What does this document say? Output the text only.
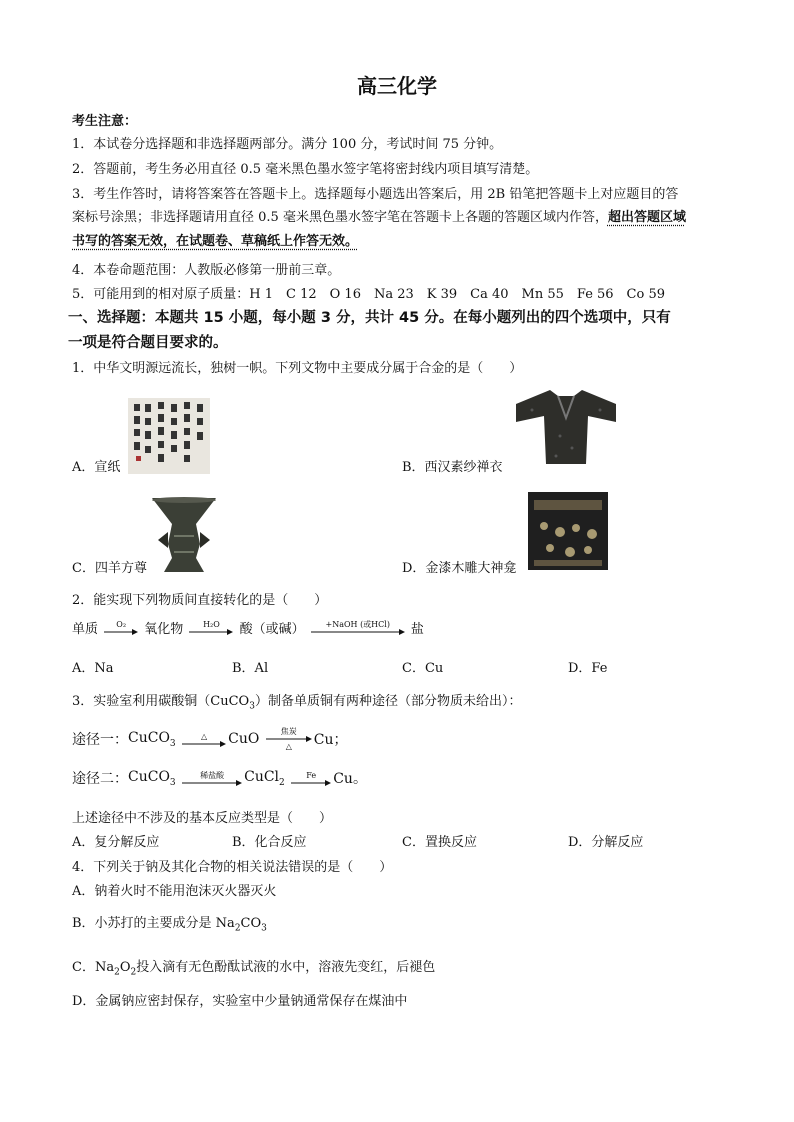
高三化学
考生注意：
1．本试卷分选择题和非选择题两部分。满分 100 分，考试时间 75 分钟。
2．答题前，考生务必用直径 0.5 毫米黑色墨水签字笔将密封线内项目填写清楚。
3．考生作答时，请将答案答在答题卡上。选择题每小题选出答案后，用 2B 铅笔把答题卡上对应题目的答
案标号涂黑；非选择题请用直径 0.5 毫米黑色墨水签字笔在答题卡上各题的答题区域内作答，超出答题区域
书写的答案无效，在试题卷、草稿纸上作答无效。
4．本卷命题范围：人教版必修第一册前三章。
5．可能用到的相对原子质量：H 1　C 12　O 16　Na 23　K 39　Ca 40　Mn 55　Fe 56　Co 59
一、选择题：本题共 15 小题，每小题 3 分，共计 45 分。在每小题列出的四个选项中，只有
一项是符合题目要求的。
1．中华文明源远流长，独树一帜。下列文物中主要成分属于合金的是（　　）
A．宣纸	B．西汉素纱禅衣
C．四羊方尊	D．金漆木雕大神龛
2．能实现下列物质间直接转化的是（　　）
单质	O₂	氧化物	H₂O	酸（或碱）	+NaOH (或HCl)	盐
A．Na	B．Al	C．Cu	D．Fe
3．实验室利用碳酸铜（CuCO$_3$）制备单质铜有两种途径（部分物质未给出）：
途径一：CuCO$_3$
△	CuO	焦炭
△	Cu；
途径二：CuCO$_3$
稀盐酸	CuCl$_2$
Fe	Cu。
上述途径中不涉及的基本反应类型是（　　）
A．复分解反应	B．化合反应	C．置换反应	D．分解反应
4．下列关于钠及其化合物的相关说法错误的是（　　）
A．钠着火时不能用泡沫灭火器灭火
B．小苏打的主要成分是 $Na_2CO_3$
C．$Na_2O_2$投入滴有无色酚酞试液的水中，溶液先变红，后褪色
D．金属钠应密封保存，实验室中少量钠通常保存在煤油中
